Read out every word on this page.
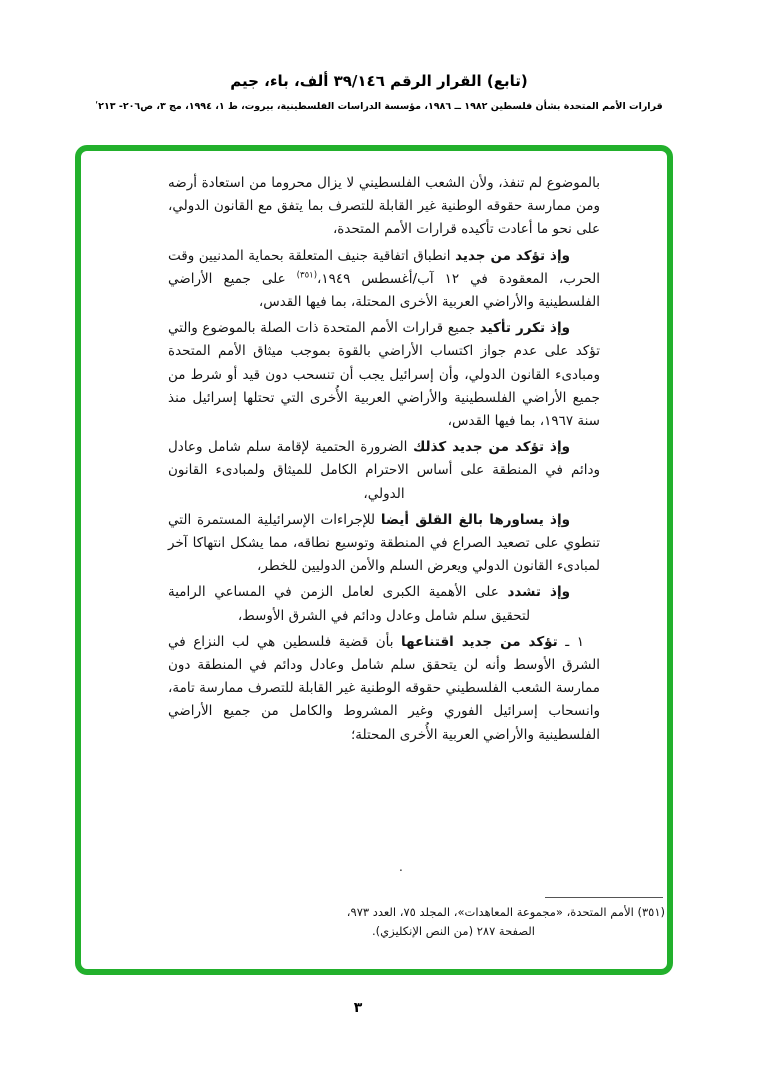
(تابع) القرار الرقم ٣٩/١٤٦ ألف، باء، جيم
قرارات الأمم المتحدة بشأن فلسطين ١٩٨٢ ــ ١٩٨٦، مؤسسة الدراسات الفلسطينية، بيروت، ط ١، ١٩٩٤، مج ٣، ص٢٠٦- ٢١٣ʹ

بالموضوع لم تنفذ، ولأن الشعب الفلسطيني لا يزال محروما من استعادة أرضه ومن ممارسة حقوقه الوطنية غير القابلة للتصرف بما يتفق مع القانون الدولي، على نحو ما أعادت تأكيده قرارات الأمم المتحدة،

وإذ تؤكد من جديد انطباق اتفاقية جنيف المتعلقة بحماية المدنيين وقت الحرب، المعقودة في ١٢ آب/أغسطس ١٩٤٩،$^{(٣٥١)}$ على جميع الأراضي الفلسطينية والأراضي العربية الأخرى المحتلة، بما فيها القدس،

وإذ تكرر تأكيد جميع قرارات الأمم المتحدة ذات الصلة بالموضوع والتي تؤكد على عدم جواز اكتساب الأراضي بالقوة بموجب ميثاق الأمم المتحدة ومبادىء القانون الدولي، وأن إسرائيل يجب أن تنسحب دون قيد أو شرط من جميع الأراضي الفلسطينية والأراضي العربية الأُخرى التي تحتلها إسرائيل منذ سنة ١٩٦٧، بما فيها القدس،

وإذ تؤكد من جديد كذلك الضرورة الحتمية لإقامة سلم شامل وعادل ودائم في المنطقة على أساس الاحترام الكامل للميثاق ولمبادىء القانون الدولي،

وإذ يساورها بالغ القلق أيضا للإجراءات الإسرائيلية المستمرة التي تنطوي على تصعيد الصراع في المنطقة وتوسيع نطاقه، مما يشكل انتهاكا آخر لمبادىء القانون الدولي ويعرض السلم والأمن الدوليين للخطر،

وإذ تشدد على الأهمية الكبرى لعامل الزمن في المساعي الرامية لتحقيق سلم شامل وعادل ودائم في الشرق الأوسط،

١ ـ تؤكد من جديد اقتناعها بأن قضية فلسطين هي لب النزاع في الشرق الأوسط وأنه لن يتحقق سلم شامل وعادل ودائم في المنطقة دون ممارسة الشعب الفلسطيني حقوقه الوطنية غير القابلة للتصرف ممارسة تامة، وانسحاب إسرائيل الفوري وغير المشروط والكامل من جميع الأراضي الفلسطينية والأراضي العربية الأُخرى المحتلة؛

.
(٣٥١) الأمم المتحدة، «مجموعة المعاهدات»، المجلد ٧٥، العدد ٩٧٣،
الصفحة ٢٨٧ (من النص الإنكليزي).
٣
